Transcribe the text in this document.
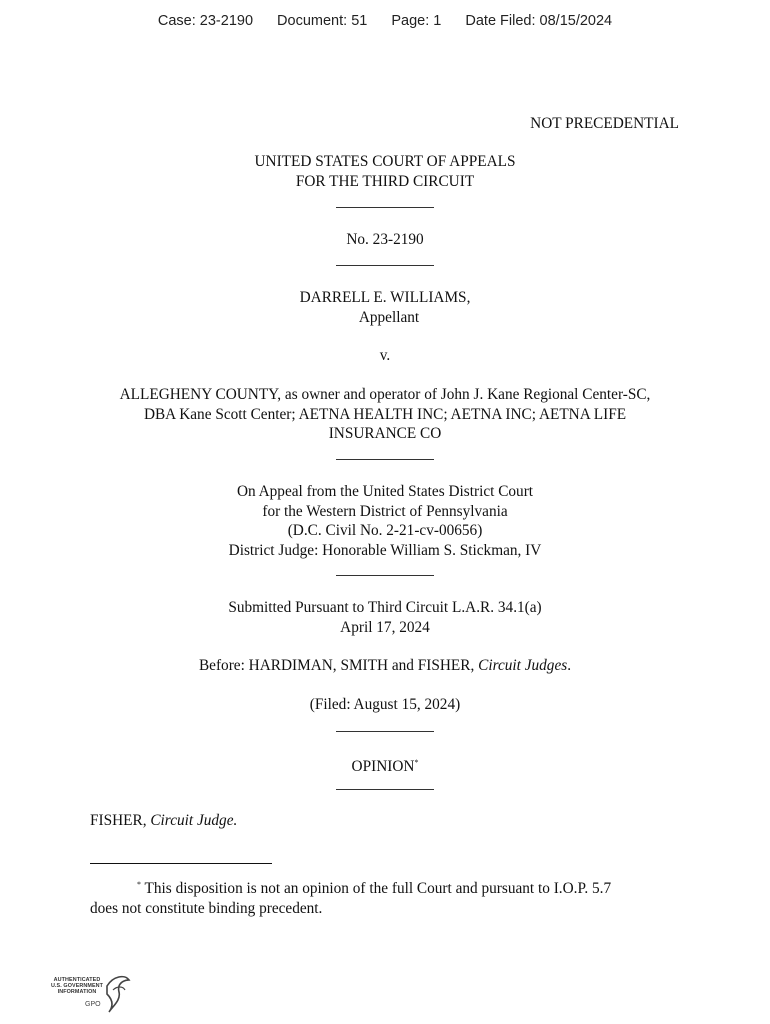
Case: 23-2190 Document: 51 Page: 1 Date Filed: 08/15/2024
NOT PRECEDENTIAL
UNITED STATES COURT OF APPEALS
FOR THE THIRD CIRCUIT
No. 23-2190
DARRELL E. WILLIAMS,
Appellant
v.
ALLEGHENY COUNTY, as owner and operator of John J. Kane Regional Center-SC,
DBA Kane Scott Center; AETNA HEALTH INC; AETNA INC; AETNA LIFE
INSURANCE CO
On Appeal from the United States District Court
for the Western District of Pennsylvania
(D.C. Civil No. 2-21-cv-00656)
District Judge: Honorable William S. Stickman, IV
Submitted Pursuant to Third Circuit L.A.R. 34.1(a)
April 17, 2024
Before: HARDIMAN, SMITH and FISHER, Circuit Judges.
(Filed: August 15, 2024)
OPINION*
FISHER, Circuit Judge.
* This disposition is not an opinion of the full Court and pursuant to I.O.P. 5.7
does not constitute binding precedent.
AUTHENTICATED
U.S. GOVERNMENT
INFORMATION
GPO
